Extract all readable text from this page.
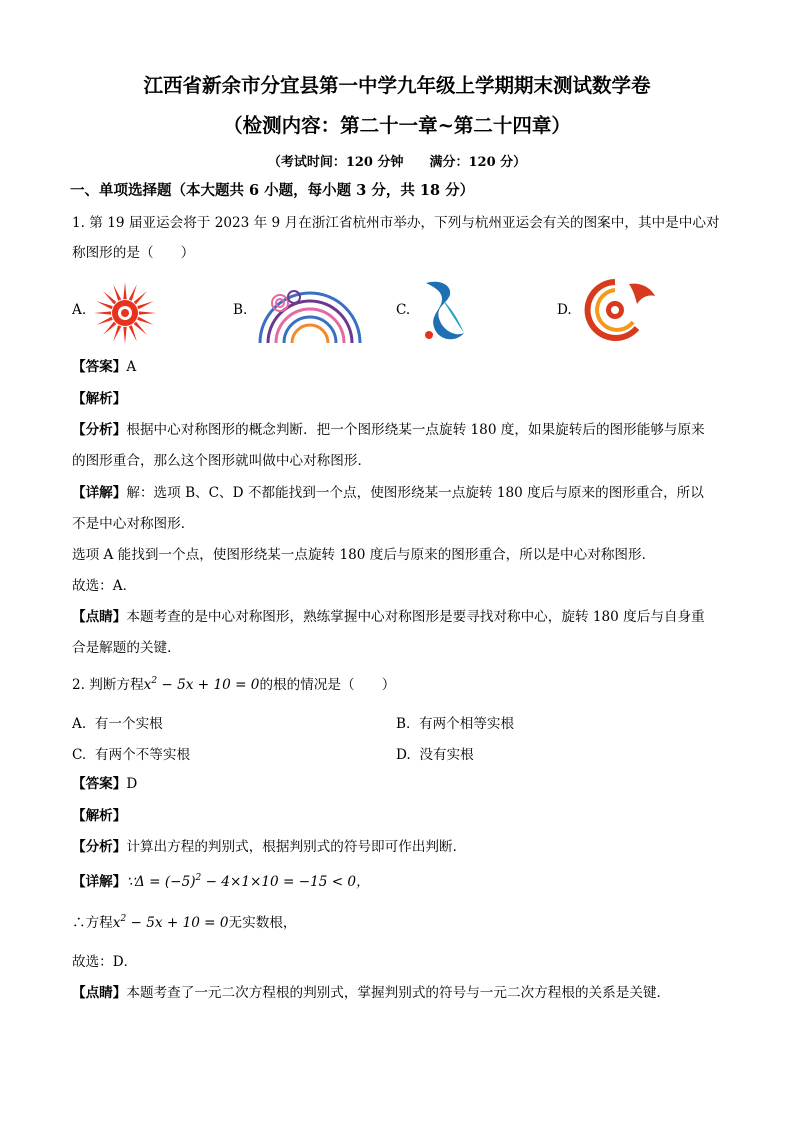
江西省新余市分宜县第一中学九年级上学期期末测试数学卷
（检测内容：第二十一章~第二十四章）
（考试时间：120 分钟　　满分：120 分）
一、单项选择题（本大题共 6 小题，每小题 3 分，共 18 分）
1. 第 19 届亚运会将于 2023 年 9 月在浙江省杭州市举办，下列与杭州亚运会有关的图案中，其中是中心对
称图形的是（　　）
A.	B.	C.	D.
【答案】A
【解析】
【分析】根据中心对称图形的概念判断．把一个图形绕某一点旋转 180 度，如果旋转后的图形能够与原来
的图形重合，那么这个图形就叫做中心对称图形．
【详解】解：选项 B、C、D 不都能找到一个点，使图形绕某一点旋转 180 度后与原来的图形重合，所以
不是中心对称图形．
选项 A 能找到一个点，使图形绕某一点旋转 180 度后与原来的图形重合，所以是中心对称图形．
故选：A．
【点睛】本题考查的是中心对称图形，熟练掌握中心对称图形是要寻找对称中心，旋转 180 度后与自身重
合是解题的关键．
2. 判断方程$x^2 - 5x + 10 = 0$的根的情况是（　　）
A. 有一个实根	B. 有两个相等实根
C. 有两个不等实根	D. 没有实根
【答案】D
【解析】
【分析】计算出方程的判别式，根据判别式的符号即可作出判断．
【详解】∵Δ = $(-5)^2 - 4\times 1\times 10 = -15 < 0$，
∴方程$x^2 - 5x + 10 = 0$无实数根，
故选：D．
【点睛】本题考查了一元二次方程根的判别式，掌握判别式的符号与一元二次方程根的关系是关键．
